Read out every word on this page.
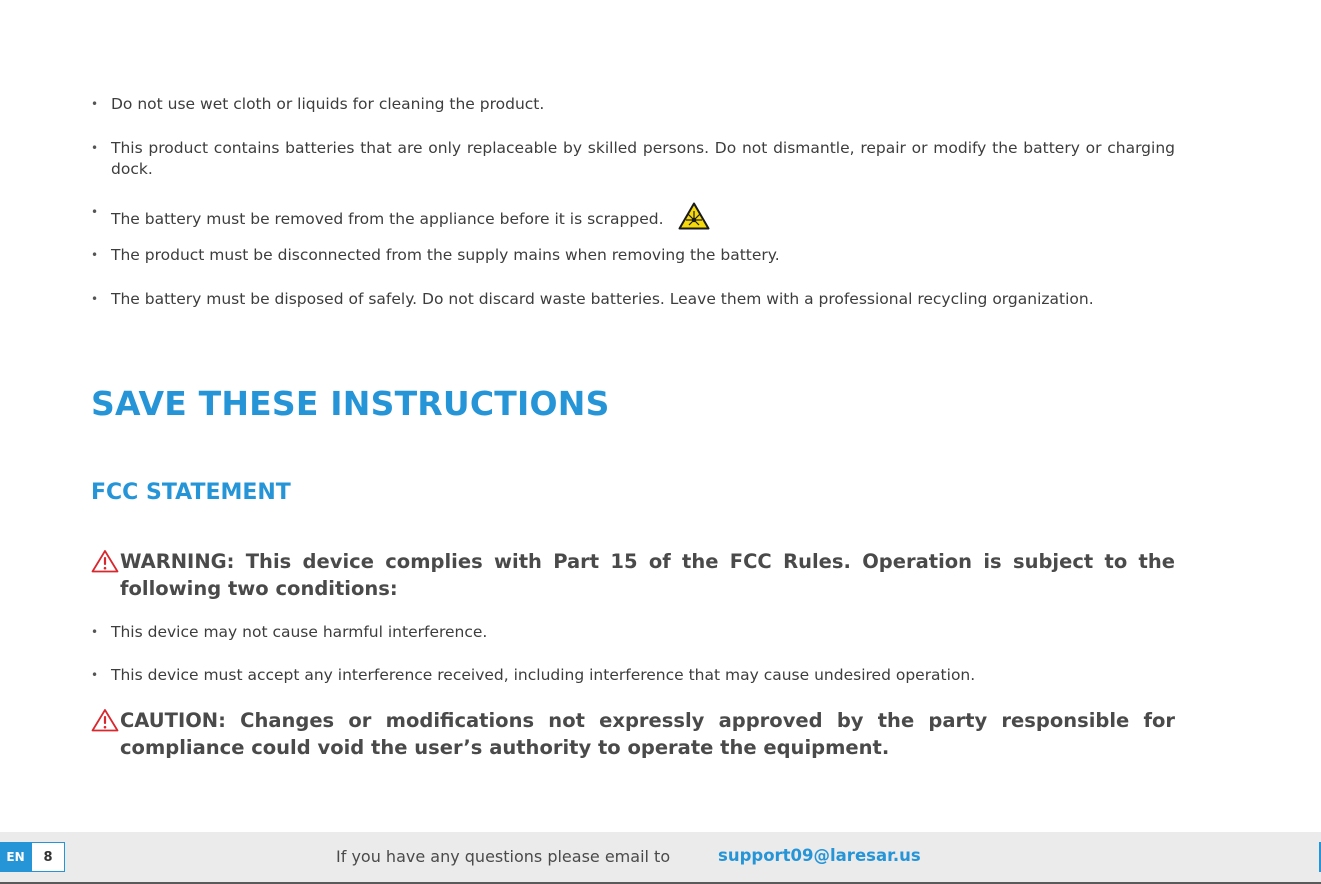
• Do not use wet cloth or liquids for cleaning the product.
• This product contains batteries that are only replaceable by skilled persons. Do not dismantle, repair or modify the battery or charging dock.
• The battery must be removed from the appliance before it is scrapped.
• The product must be disconnected from the supply mains when removing the battery.
• The battery must be disposed of safely. Do not discard waste batteries. Leave them with a professional recycling organization.
SAVE THESE INSTRUCTIONS
FCC STATEMENT
WARNING: This device complies with Part 15 of the FCC Rules. Operation is subject to the following two conditions:
• This device may not cause harmful interference.
• This device must accept any interference received, including interference that may cause undesired operation.
CAUTION: Changes or modifications not expressly approved by the party responsible for compliance could void the user’s authority to operate the equipment.
EN	8	If you have any questions please email to	support09@laresar.us
